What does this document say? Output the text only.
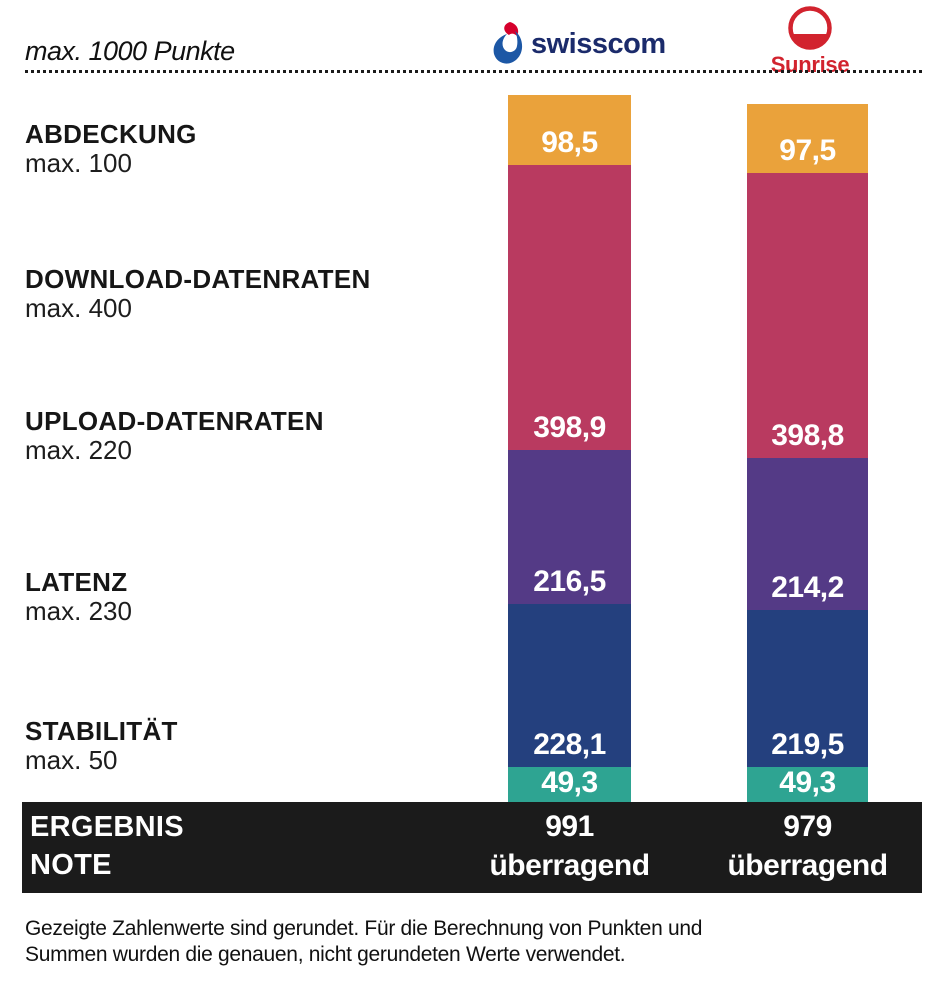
max. 1000 Punkte	swisscom
Sunrise
ABDECKUNG
max. 100
DOWNLOAD-DATENRATEN
max. 400
UPLOAD-DATENRATEN
max. 220
LATENZ
max. 230
STABILITÄT
max. 50
98,5
398,9
216,5
228,1
49,3
97,5
398,8
214,2
219,5
49,3
ERGEBNIS
NOTE
991
überragend
979
überragend
Gezeigte Zahlenwerte sind gerundet. Für die Berechnung von Punkten und Summen wurden die genauen, nicht gerundeten Werte verwendet.
